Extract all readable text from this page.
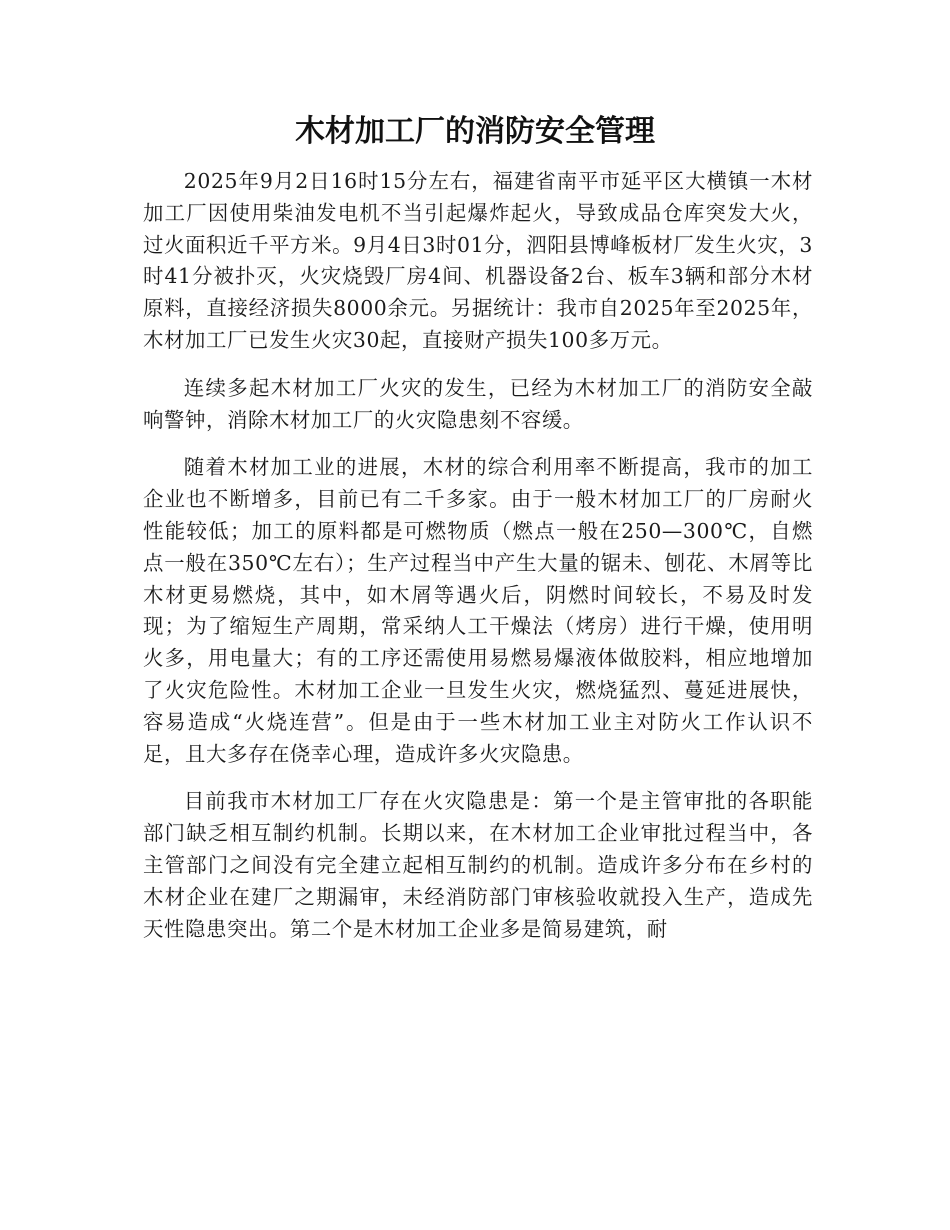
木材加工厂的消防安全管理

2025年9月2日16时15分左右，福建省南平市延平区大横镇一木材加工厂因使用柴油发电机不当引起爆炸起火，导致成品仓库突发大火，过火面积近千平方米。9月4日3时01分，泗阳县博峰板材厂发生火灾，3时41分被扑灭，火灾烧毁厂房4间、机器设备2台、板车3辆和部分木材原料，直接经济损失8000余元。另据统计：我市自2025年至2025年，木材加工厂已发生火灾30起，直接财产损失100多万元。

连续多起木材加工厂火灾的发生，已经为木材加工厂的消防安全敲响警钟，消除木材加工厂的火灾隐患刻不容缓。

随着木材加工业的进展，木材的综合利用率不断提高，我市的加工企业也不断增多，目前已有二千多家。由于一般木材加工厂的厂房耐火性能较低；加工的原料都是可燃物质（燃点一般在250—300℃，自燃点一般在350℃左右）；生产过程当中产生大量的锯未、刨花、木屑等比木材更易燃烧，其中，如木屑等遇火后，阴燃时间较长，不易及时发现；为了缩短生产周期，常采纳人工干燥法（烤房）进行干燥，使用明火多，用电量大；有的工序还需使用易燃易爆液体做胶料，相应地增加了火灾危险性。木材加工企业一旦发生火灾，燃烧猛烈、蔓延进展快，容易造成“火烧连营”。但是由于一些木材加工业主对防火工作认识不足，且大多存在侥幸心理，造成许多火灾隐患。

目前我市木材加工厂存在火灾隐患是：第一个是主管审批的各职能部门缺乏相互制约机制。长期以来，在木材加工企业审批过程当中，各主管部门之间没有完全建立起相互制约的机制。造成许多分布在乡村的木材企业在建厂之期漏审，未经消防部门审核验收就投入生产，造成先天性隐患突出。第二个是木材加工企业多是简易建筑，耐
